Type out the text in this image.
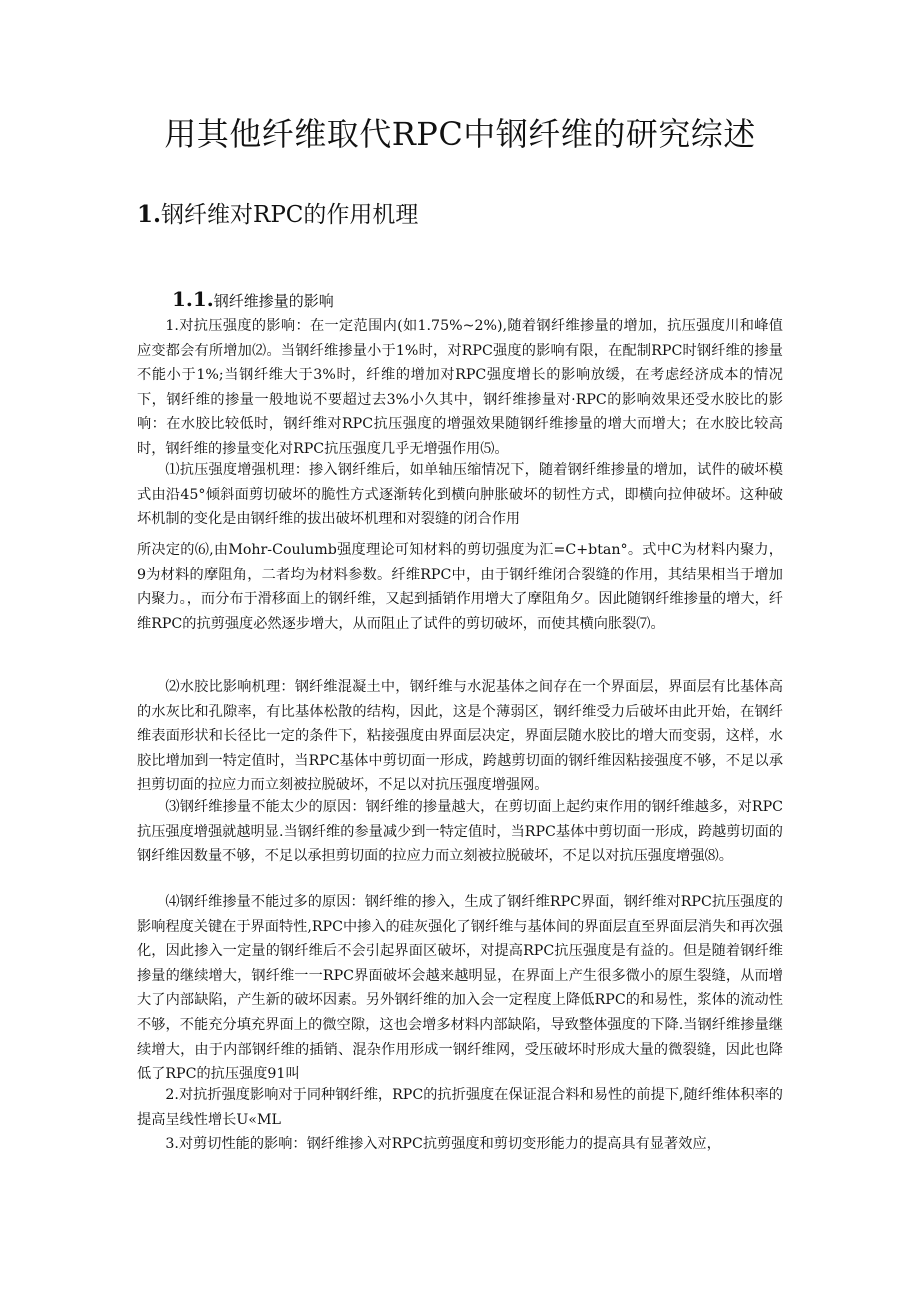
用其他纤维取代RPC中钢纤维的研究综述
1.钢纤维对RPC的作用机理
1.1.钢纤维掺量的影响

1.对抗压强度的影响：在一定范围内(如1.75%~2%),随着钢纤维掺量的增加，抗压强度川和峰值应变都会有所增加⑵。当钢纤维掺量小于1%时，对RPC强度的影响有限，在配制RPC时钢纤维的掺量不能小于1%;当钢纤维大于3%时，纤维的增加对RPC强度增长的影响放缓，在考虑经济成本的情况下，钢纤维的掺量一般地说不要超过去3%小久其中，钢纤维掺量对·RPC的影响效果还受水胶比的影响：在水胶比较低时，钢纤维对RPC抗压强度的增强效果随钢纤维掺量的增大而增大；在水胶比较高时，钢纤维的掺量变化对RPC抗压强度几乎无增强作用⑸。

⑴抗压强度增强机理：掺入钢纤维后，如单轴压缩情况下，随着钢纤维掺量的增加，试件的破坏模式由沿45°倾斜面剪切破坏的脆性方式逐渐转化到横向肿胀破坏的韧性方式，即横向拉伸破坏。这种破坏机制的变化是由钢纤维的拔出破坏机理和对裂缝的闭合作用

所决定的⑹,由Mohr-Coulumb强度理论可知材料的剪切强度为汇=C+btan°。式中C为材料内聚力，9为材料的摩阻角，二者均为材料参数。纤维RPC中，由于钢纤维闭合裂缝的作用，其结果相当于增加内聚力。，而分布于滑移面上的钢纤维，又起到插销作用增大了摩阻角夕。因此随钢纤维掺量的增大，纤维RPC的抗剪强度必然逐步增大，从而阻止了试件的剪切破坏，而使其横向胀裂⑺。

⑵水胶比影响机理：钢纤维混凝土中，钢纤维与水泥基体之间存在一个界面层，界面层有比基体高的水灰比和孔隙率，有比基体松散的结构，因此，这是个薄弱区，钢纤维受力后破坏由此开始，在钢纤维表面形状和长径比一定的条件下，粘接强度由界面层决定，界面层随水胶比的增大而变弱，这样，水胶比增加到一特定值时，当RPC基体中剪切面一形成，跨越剪切面的钢纤维因粘接强度不够，不足以承担剪切面的拉应力而立刻被拉脱破坏，不足以对抗压强度增强网。

⑶钢纤维掺量不能太少的原因：钢纤维的掺量越大，在剪切面上起约束作用的钢纤维越多，对RPC抗压强度增强就越明显.当钢纤维的参量减少到一特定值时，当RPC基体中剪切面一形成，跨越剪切面的钢纤维因数量不够，不足以承担剪切面的拉应力而立刻被拉脱破坏，不足以对抗压强度增强⑻。

⑷钢纤维掺量不能过多的原因：钢纤维的掺入，生成了钢纤维RPC界面，钢纤维对RPC抗压强度的影响程度关键在于界面特性,RPC中掺入的硅灰强化了钢纤维与基体间的界面层直至界面层消失和再次强化，因此掺入一定量的钢纤维后不会引起界面区破坏，对提高RPC抗压强度是有益的。但是随着钢纤维掺量的继续增大，钢纤维一一RPC界面破坏会越来越明显，在界面上产生很多微小的原生裂缝，从而增大了内部缺陷，产生新的破坏因素。另外钢纤维的加入会一定程度上降低RPC的和易性，浆体的流动性不够，不能充分填充界面上的微空隙，这也会增多材料内部缺陷，导致整体强度的下降.当钢纤维掺量继续增大，由于内部钢纤维的插销、混杂作用形成一钢纤维网，受压破坏时形成大量的微裂缝，因此也降低了RPC的抗压强度91叫

2.对抗折强度影响对于同种钢纤维，RPC的抗折强度在保证混合料和易性的前提下,随纤维体积率的提高呈线性增长U«ML

3.对剪切性能的影响：钢纤维掺入对RPC抗剪强度和剪切变形能力的提高具有显著效应，
